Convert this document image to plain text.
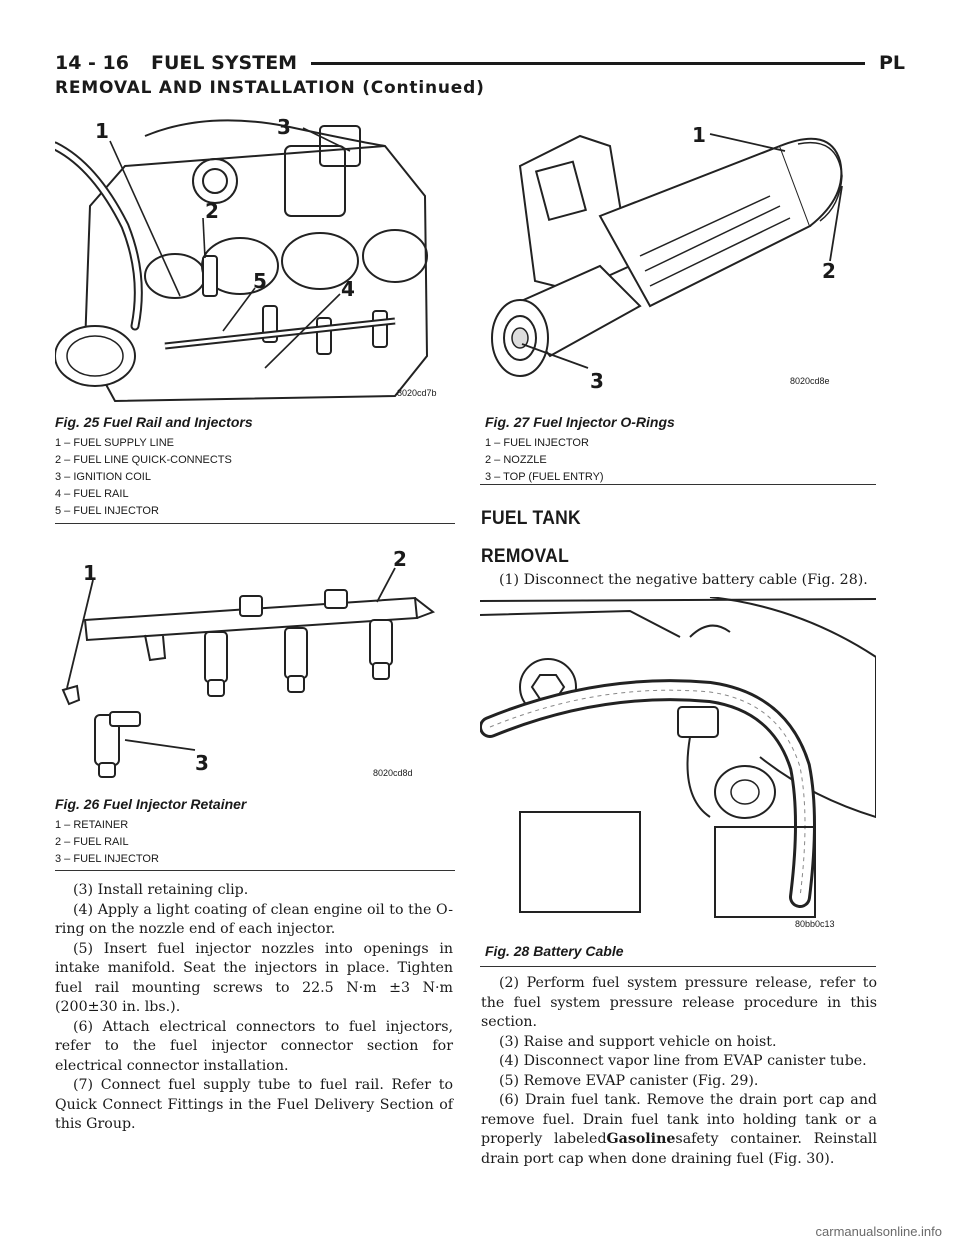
14 - 16 FUEL SYSTEM	PL
REMOVAL AND INSTALLATION (Continued)
1
2
3
4
5
8020cd7b
Fig. 25 Fuel Rail and Injectors
1 – FUEL SUPPLY LINE
2 – FUEL LINE QUICK-CONNECTS
3 – IGNITION COIL
4 – FUEL RAIL
5 – FUEL INJECTOR
1
2
3	8020cd8d
Fig. 26 Fuel Injector Retainer
1 – RETAINER
2 – FUEL RAIL
3 – FUEL INJECTOR

(3) Install retaining clip.

(4) Apply a light coating of clean engine oil to the O-ring on the nozzle end of each injector.

(5) Insert fuel injector nozzles into openings in intake manifold. Seat the injectors in place. Tighten fuel rail mounting screws to 22.5 N·m ±3 N·m (200±30 in. lbs.).

(6) Attach electrical connectors to fuel injectors, refer to the fuel injector connector section for electrical connector installation.

(7) Connect fuel supply tube to fuel rail. Refer to Quick Connect Fittings in the Fuel Delivery Section of this Group.

1
2
3	8020cd8e
Fig. 27 Fuel Injector O-Rings
1 – FUEL INJECTOR
2 – NOZZLE
3 – TOP (FUEL ENTRY)
FUEL TANK
REMOVAL

(1) Disconnect the negative battery cable (Fig. 28).

80bb0c13
Fig. 28 Battery Cable

(2) Perform fuel system pressure release, refer to the fuel system pressure release procedure in this section.

(3) Raise and support vehicle on hoist.

(4) Disconnect vapor line from EVAP canister tube.

(5) Remove EVAP canister (Fig. 29).

(6) Drain fuel tank. Remove the drain port cap and remove fuel. Drain fuel tank into holding tank or a properly labeledGasolinesafety container. Reinstall drain port cap when done draining fuel (Fig. 30).

carmanualsonline.info
